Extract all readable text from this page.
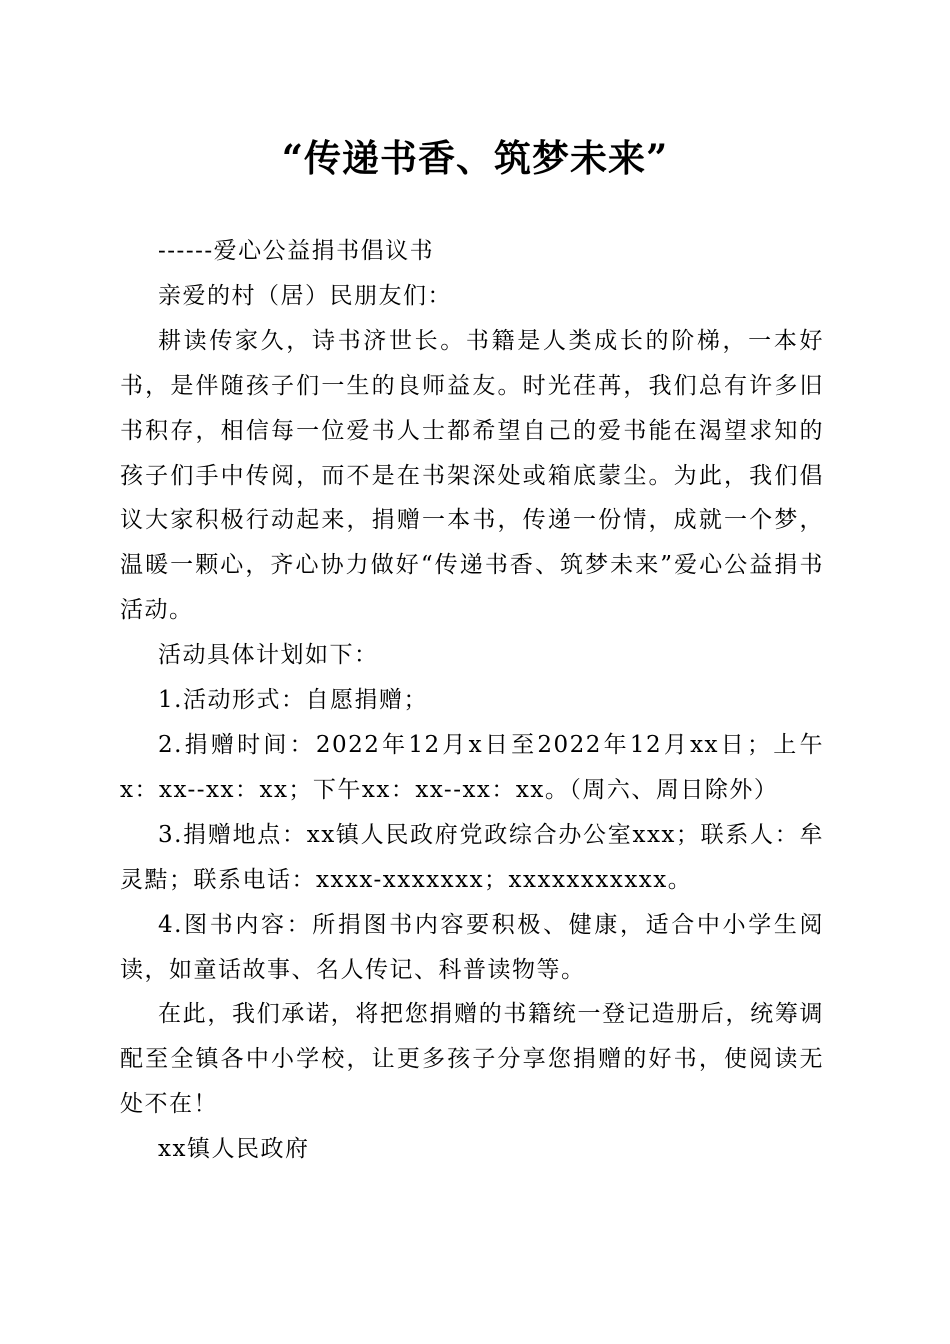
“传递书香、筑梦未来”

------爱心公益捐书倡议书

亲爱的村（居）民朋友们：

耕读传家久，诗书济世长。书籍是人类成长的阶梯，一本好书，是伴随孩子们一生的良师益友。时光荏苒，我们总有许多旧书积存，相信每一位爱书人士都希望自己的爱书能在渴望求知的孩子们手中传阅，而不是在书架深处或箱底蒙尘。为此，我们倡议大家积极行动起来，捐赠一本书，传递一份情，成就一个梦，温暖一颗心，齐心协力做好“传递书香、筑梦未来”爱心公益捐书活动。

活动具体计划如下：

1.活动形式：自愿捐赠；

2.捐赠时间：2022年12月x日至2022年12月xx日；上午x：xx--xx：xx；下午xx：xx--xx：xx。（周六、周日除外）

3.捐赠地点：xx镇人民政府党政综合办公室xxx；联系人：牟灵黠；联系电话：xxxx-xxxxxxx；xxxxxxxxxxx。

4.图书内容：所捐图书内容要积极、健康，适合中小学生阅读，如童话故事、名人传记、科普读物等。

在此，我们承诺，将把您捐赠的书籍统一登记造册后，统筹调配至全镇各中小学校，让更多孩子分享您捐赠的好书，使阅读无处不在！

xx镇人民政府
